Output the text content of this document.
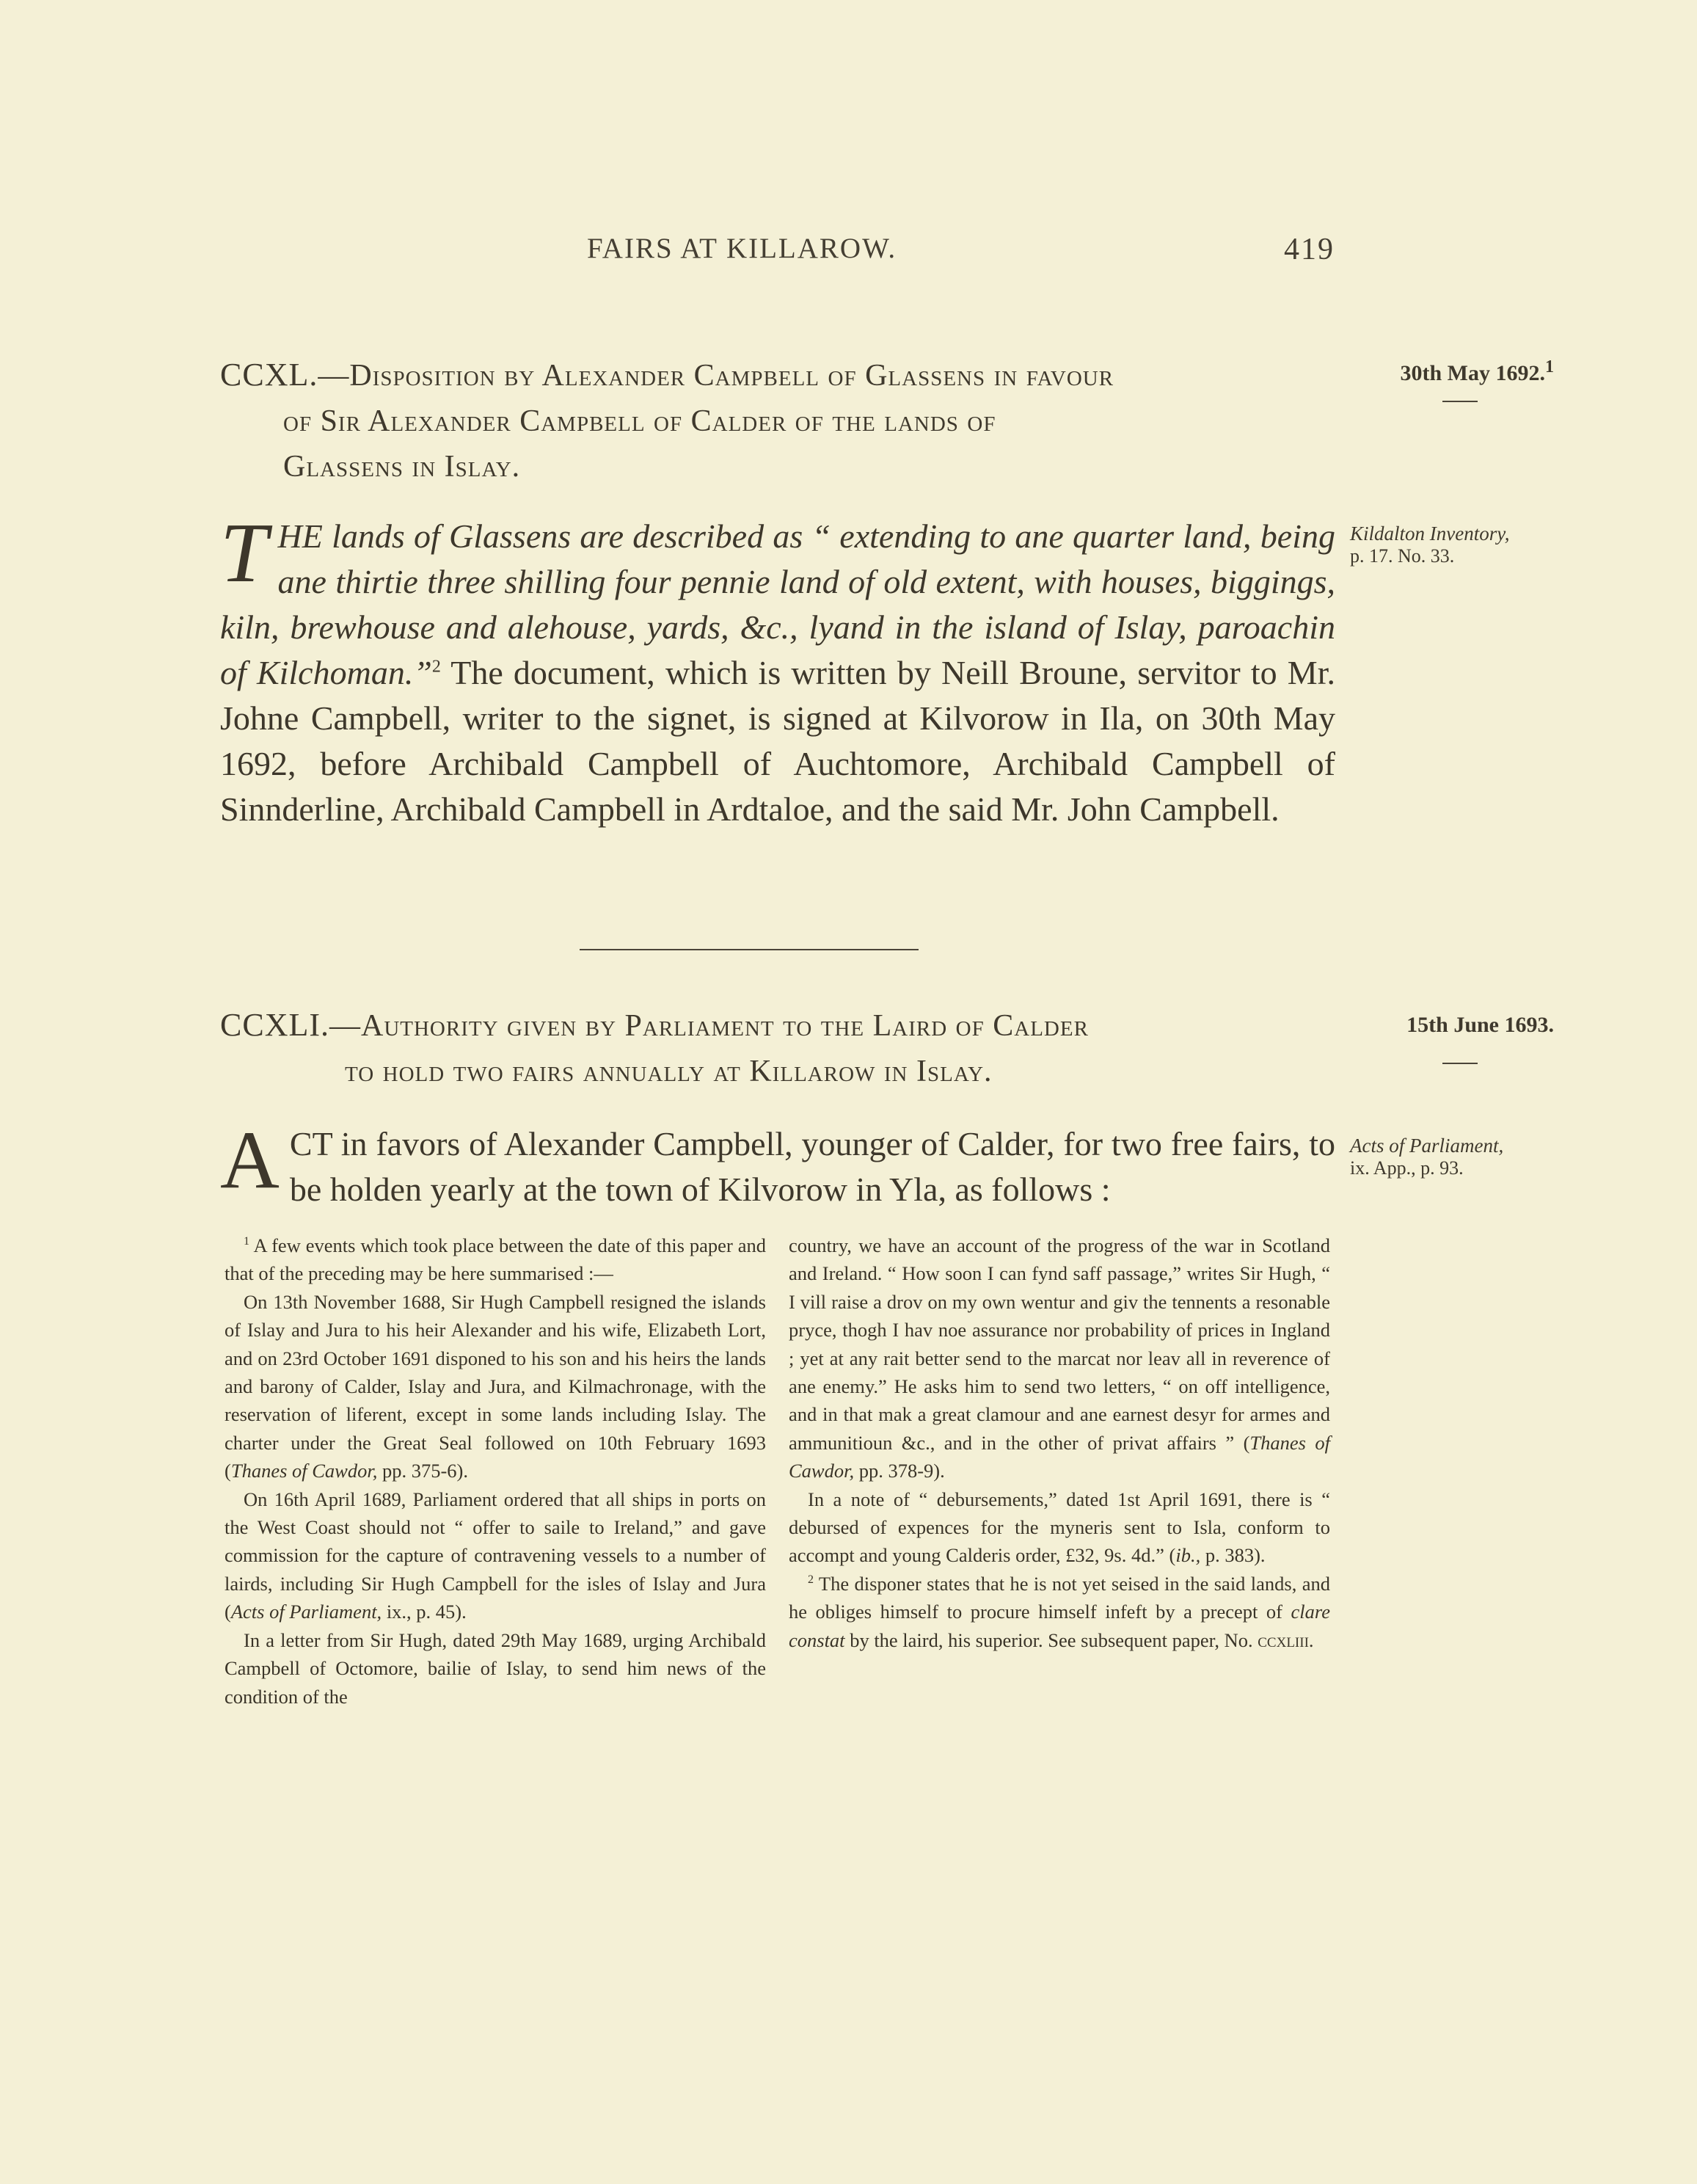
FAIRS AT KILLAROW.	419
CCXL.—Disposition by Alexander Campbell of Glassens in favour
of Sir Alexander Campbell of Calder of the lands of
Glassens in Islay.
30th May 1692.$^1$
Kildalton Inventory,
p. 17. No. 33.
THE lands of Glassens are described as “ extending to ane quarter land, being ane thirtie three shilling four pennie land of old extent, with houses, biggings, kiln, brewhouse and alehouse, yards, &c., lyand in the island of Islay, paroachin of Kilchoman.”$^2$ The document, which is written by Neill Broune, servitor to Mr. Johne Campbell, writer to the signet, is signed at Kilvorow in Ila, on 30th May 1692, before Archibald Campbell of Auchtomore, Archibald Campbell of Sinnderline, Archibald Campbell in Ardtaloe, and the said Mr. John Campbell.
CCXLI.—Authority given by Parliament to the Laird of Calder
to hold two fairs annually at Killarow in Islay.
15th June 1693.
Acts of Parliament,
ix. App., p. 93.
ACT in favors of Alexander Campbell, younger of Calder, for two free fairs, to be holden yearly at the town of Kilvorow in Yla, as follows :

$^1$ A few events which took place between the date of this paper and that of the preceding may be here summarised :—

On 13th November 1688, Sir Hugh Campbell resigned the islands of Islay and Jura to his heir Alexander and his wife, Elizabeth Lort, and on 23rd October 1691 disponed to his son and his heirs the lands and barony of Calder, Islay and Jura, and Kilmachronage, with the reservation of liferent, except in some lands including Islay. The charter under the Great Seal followed on 10th February 1693 (Thanes of Cawdor, pp. 375-6).

On 16th April 1689, Parliament ordered that all ships in ports on the West Coast should not “ offer to saile to Ireland,” and gave commission for the capture of contravening vessels to a number of lairds, including Sir Hugh Campbell for the isles of Islay and Jura (Acts of Parliament, ix., p. 45).

In a letter from Sir Hugh, dated 29th May 1689, urging Archibald Campbell of Octomore, bailie of Islay, to send him news of the condition of the

country, we have an account of the progress of the war in Scotland and Ireland. “ How soon I can fynd saff passage,” writes Sir Hugh, “ I vill raise a drov on my own wentur and giv the tennents a resonable pryce, thogh I hav noe assurance nor probability of prices in Ingland ; yet at any rait better send to the marcat nor leav all in reverence of ane enemy.” He asks him to send two letters, “ on off intelligence, and in that mak a great clamour and ane earnest desyr for armes and ammunitioun &c., and in the other of privat affairs ” (Thanes of Cawdor, pp. 378-9).

In a note of “ debursements,” dated 1st April 1691, there is “ debursed of expences for the myneris sent to Isla, conform to accompt and young Calderis order, £32, 9s. 4d.” (ib., p. 383).

$^2$ The disponer states that he is not yet seised in the said lands, and he obliges himself to procure himself infeft by a precept of clare constat by the laird, his superior. See subsequent paper, No. ccxliii.
